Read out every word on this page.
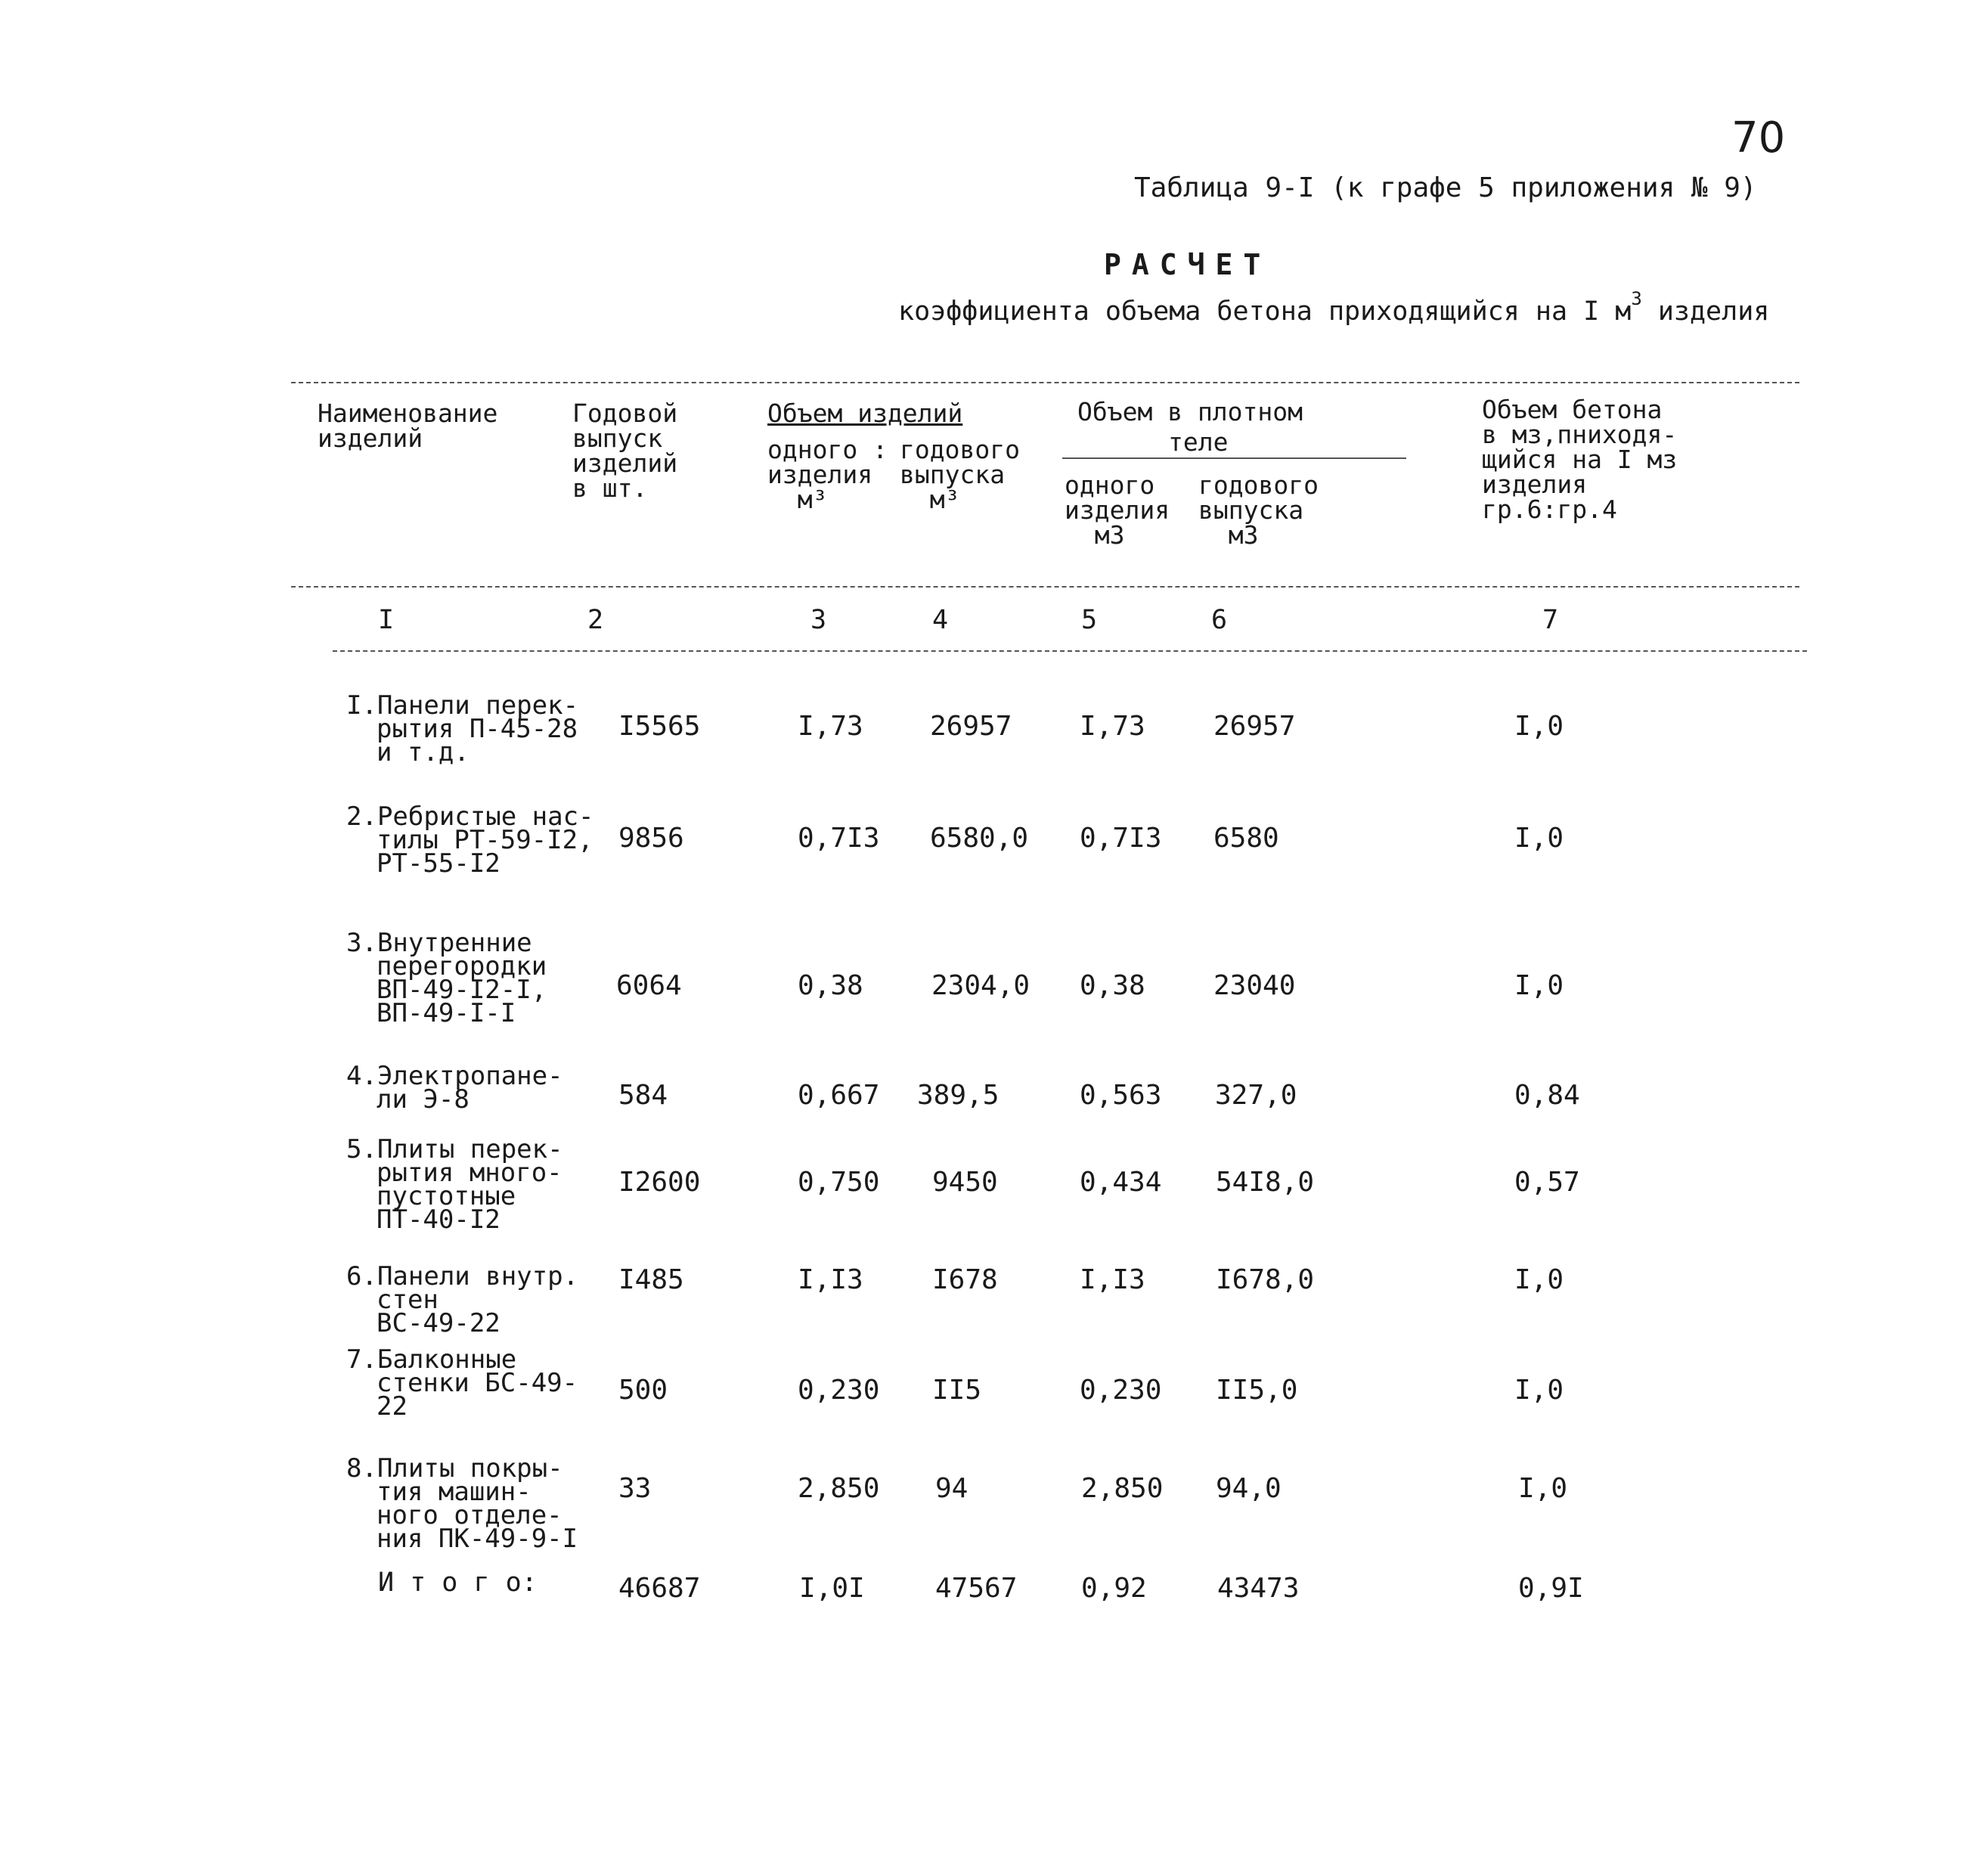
70
Таблица 9-I (к графе 5 приложения № 9)
РАСЧЕТ
коэффициента объема бетона приходящийся на I $м^3$ изделия
Наименование
изделий
Годовой
выпуск
изделий
в шт.
Объем изделий
одного :
изделия
м³
годового
выпуска
м³
Объем в плотном
теле
одного
изделия
м3
годового
выпуска
м3
Объем бетона
в мз,пниходя-
щийся на I мз
изделия
гр.6:гр.4
I	2	3	4	5	6	7
I.Панели перек-
рытия П-45-28
и т.д.
I5565	I,73 26957 I,73	26957	I,0
2.Ребристые нас-
тилы РТ-59-I2,
РТ-55-I2
9856	0,7I3 6580,0 0,7I3 6580	I,0
3.Внутренние
перегородки
ВП-49-I2-I,
ВП-49-I-I
6064	0,38	2304,0 0,38	23040	I,0
4.Электропане-
ли Э-8	584	0,667 389,5	0,563 327,0	0,84
5.Плиты перек-
рытия много-
пустотные
ПТ-40-I2
I2600	0,750 9450	0,434 54I8,0	0,57
6.Панели внутр.
стен
ВС-49-22
I485	I,I3	I678	I,I3	I678,0	I,0
7.Балконные
стенки БС-49-
22
500	0,230 II5	0,230 II5,0	I,0
8.Плиты покры-
тия машин-
ного отделе-
ния ПК-49-9-I
33	2,850 94	2,850 94,0	I,0
И т о г о:	46687	I,0I	47567 0,92	43473	0,9I
